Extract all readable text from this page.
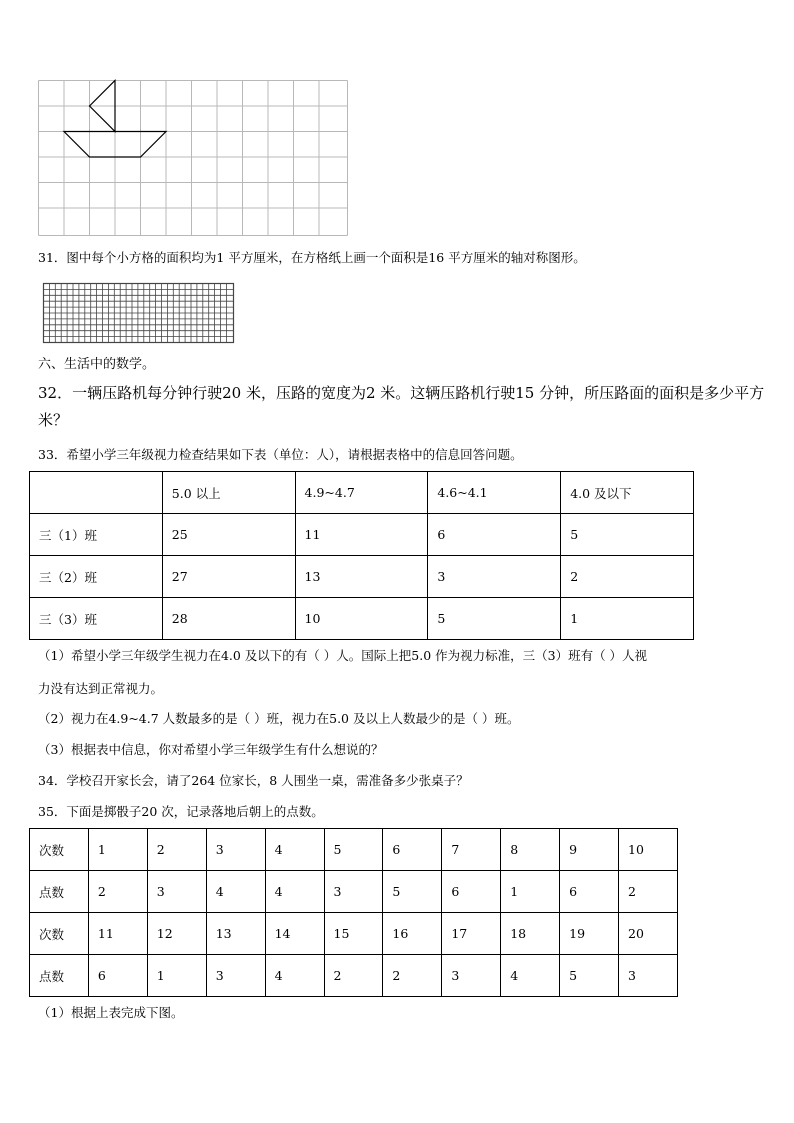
31．图中每个小方格的面积均为1 平方厘米，在方格纸上画一个面积是16 平方厘米的轴对称图形。
六、生活中的数学。
32．一辆压路机每分钟行驶20 米，压路的宽度为2 米。这辆压路机行驶15 分钟，所压路面的面积是多少平方米？
33．希望小学三年级视力检查结果如下表（单位：人），请根据表格中的信息回答问题。
	5.0 以上	4.9~4.7	4.6~4.1	4.0 及以下
三（1）班	25	11	6	5
三（2）班	27	13	3	2
三（3）班	28	10	5	1
（1）希望小学三年级学生视力在4.0 及以下的有（ ）人。国际上把5.0 作为视力标准，三（3）班有（ ）人视
力没有达到正常视力。
（2）视力在4.9~4.7 人数最多的是（ ）班，视力在5.0 及以上人数最少的是（ ）班。
（3）根据表中信息，你对希望小学三年级学生有什么想说的？
34．学校召开家长会，请了264 位家长，8 人围坐一桌，需准备多少张桌子？
35．下面是掷骰子20 次，记录落地后朝上的点数。
次数	1	2	3	4	5	6	7	8	9	10
点数	2	3	4	4	3	5	6	1	6	2
次数	11	12	13	14	15	16	17	18	19	20
点数	6	1	3	4	2	2	3	4	5	3
（1）根据上表完成下图。
